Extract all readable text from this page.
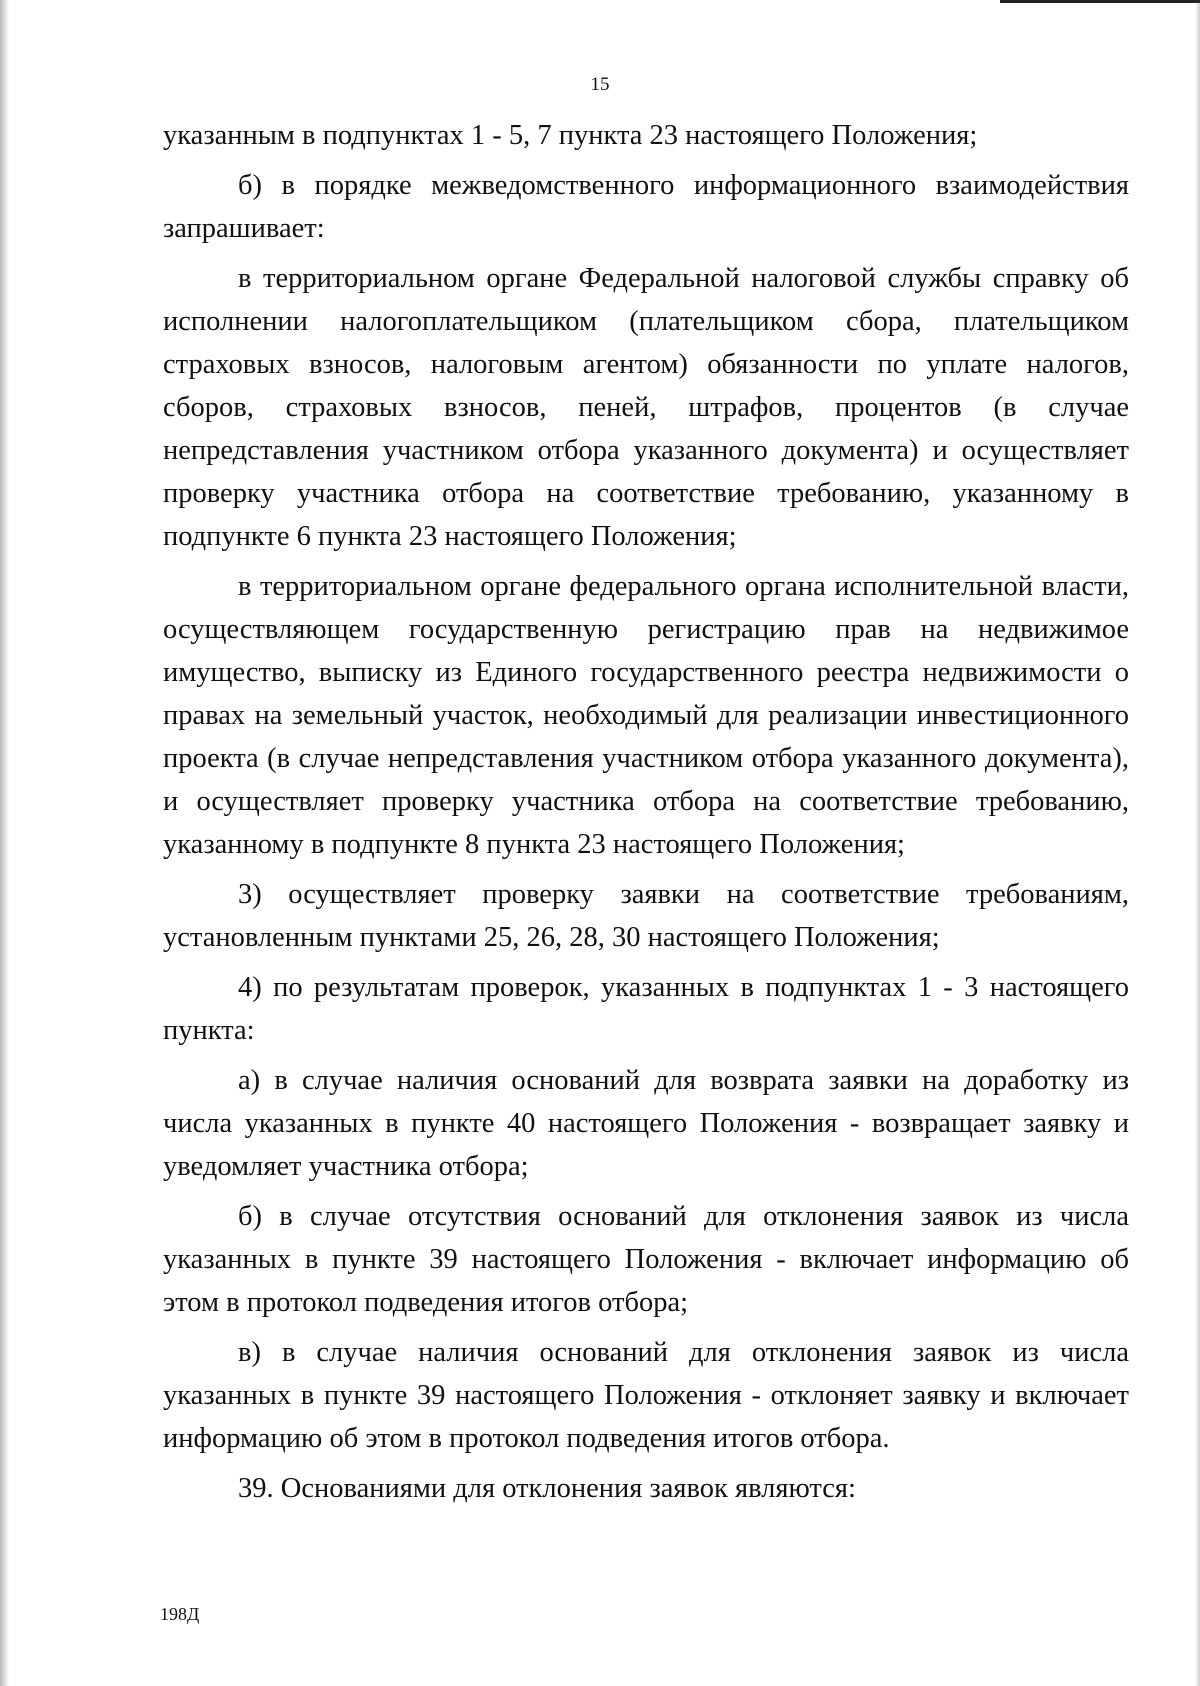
15

указанным в подпунктах 1 - 5, 7 пункта 23 настоящего Положения;

б) в порядке межведомственного информационного взаимодействия запрашивает:

в территориальном органе Федеральной налоговой службы справку об исполнении налогоплательщиком (плательщиком сбора, плательщиком страховых взносов, налоговым агентом) обязанности по уплате налогов, сборов, страховых взносов, пеней, штрафов, процентов (в случае непредставления участником отбора указанного документа) и осуществляет проверку участника отбора на соответствие требованию, указанному в подпункте 6 пункта 23 настоящего Положения;

в территориальном органе федерального органа исполнительной власти, осуществляющем государственную регистрацию прав на недвижимое имущество, выписку из Единого государственного реестра недвижимости о правах на земельный участок, необходимый для реализации инвестиционного проекта (в случае непредставления участником отбора указанного документа), и осуществляет проверку участника отбора на соответствие требованию, указанному в подпункте 8 пункта 23 настоящего Положения;

3) осуществляет проверку заявки на соответствие требованиям, установленным пунктами 25, 26, 28, 30 настоящего Положения;

4) по результатам проверок, указанных в подпунктах 1 - 3 настоящего пункта:

а) в случае наличия оснований для возврата заявки на доработку из числа указанных в пункте 40 настоящего Положения - возвращает заявку и уведомляет участника отбора;

б) в случае отсутствия оснований для отклонения заявок из числа указанных в пункте 39 настоящего Положения - включает информацию об этом в протокол подведения итогов отбора;

в) в случае наличия оснований для отклонения заявок из числа указанных в пункте 39 настоящего Положения - отклоняет заявку и включает информацию об этом в протокол подведения итогов отбора.

39. Основаниями для отклонения заявок являются:

198Д
